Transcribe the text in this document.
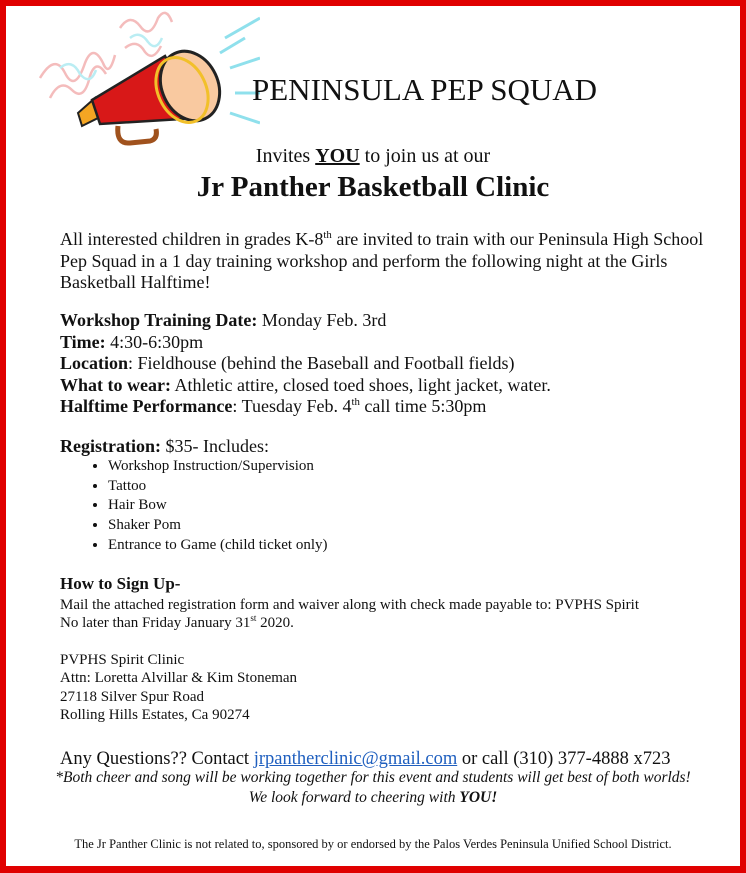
PENINSULA PEP SQUAD
Invites YOU to join us at our
Jr Panther Basketball Clinic
All interested children in grades K-8th are invited to train with our Peninsula High School Pep Squad in a 1 day training workshop and perform the following night at the Girls Basketball Halftime!
Workshop Training Date: Monday Feb. 3rd
Time: 4:30-6:30pm
Location: Fieldhouse (behind the Baseball and Football fields)
What to wear: Athletic attire, closed toed shoes, light jacket, water.
Halftime Performance: Tuesday Feb. 4th call time 5:30pm
Registration: $35- Includes:
• Workshop Instruction/Supervision
• Tattoo
• Hair Bow
• Shaker Pom
• Entrance to Game (child ticket only)
How to Sign Up-
Mail the attached registration form and waiver along with check made payable to: PVPHS Spirit
No later than Friday January 31st 2020.
PVPHS Spirit Clinic
Attn: Loretta Alvillar & Kim Stoneman
27118 Silver Spur Road
Rolling Hills Estates, Ca 90274
Any Questions?? Contact jrpantherclinic@gmail.com or call (310) 377-4888 x723
*Both cheer and song will be working together for this event and students will get best of both worlds!
We look forward to cheering with YOU!
The Jr Panther Clinic is not related to, sponsored by or endorsed by the Palos Verdes Peninsula Unified School District.
